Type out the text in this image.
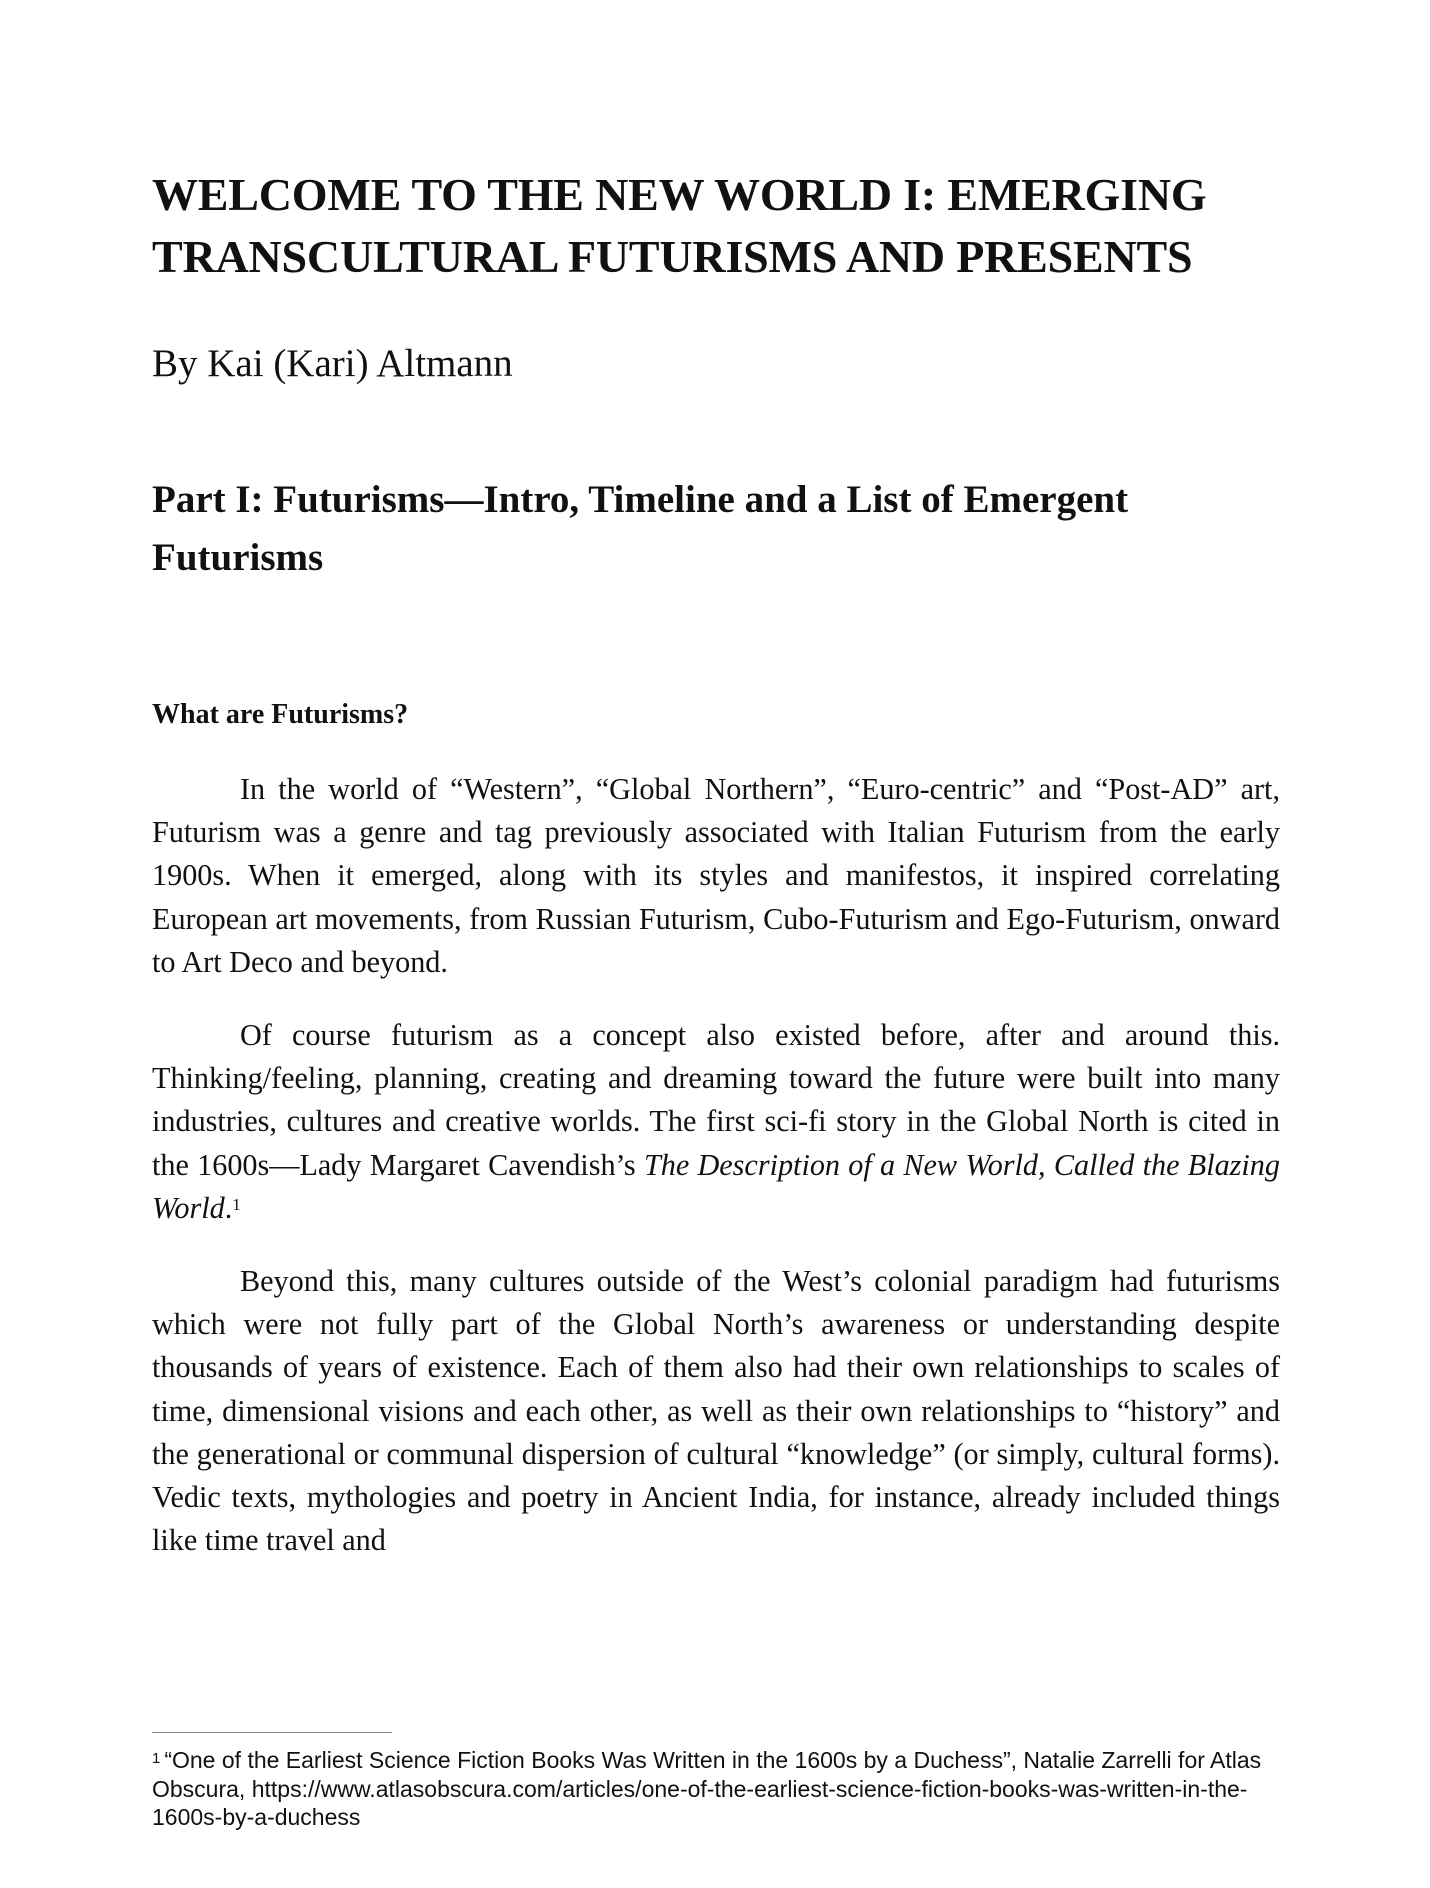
WELCOME TO THE NEW WORLD I: EMERGING
TRANSCULTURAL FUTURISMS AND PRESENTS

By Kai (Kari) Altmann

Part I: Futurisms—Intro, Timeline and a List of Emergent
Futurisms
What are Futurisms?

In the world of “Western”, “Global Northern”, “Euro-centric” and “Post-AD” art, Futurism was a genre and tag previously associated with Italian Futurism from the early 1900s. When it emerged, along with its styles and manifestos, it inspired correlating European art movements, from Russian Futurism, Cubo-Futurism and Ego-Futurism, onward to Art Deco and beyond.

Of course futurism as a concept also existed before, after and around this. Thinking/feeling, planning, creating and dreaming toward the future were built into many industries, cultures and creative worlds. The first sci-fi story in the Global North is cited in the 1600s—Lady Margaret Cavendish’s The Description of a New World, Called the Blazing World.$^1$

Beyond this, many cultures outside of the West’s colonial paradigm had futurisms which were not fully part of the Global North’s awareness or understanding despite thousands of years of existence. Each of them also had their own relationships to scales of time, dimensional visions and each other, as well as their own relationships to “history” and the generational or communal dispersion of cultural “knowledge” (or simply, cultural forms). Vedic texts, mythologies and poetry in Ancient India, for instance, already included things like time travel and

$^1$ “One of the Earliest Science Fiction Books Was Written in the 1600s by a Duchess”, Natalie Zarrelli for Atlas Obscura, https://www.atlasobscura.com/articles/one-of-the-earliest-science-fiction-books-was-written-in-the-1600s-by-a-duchess
